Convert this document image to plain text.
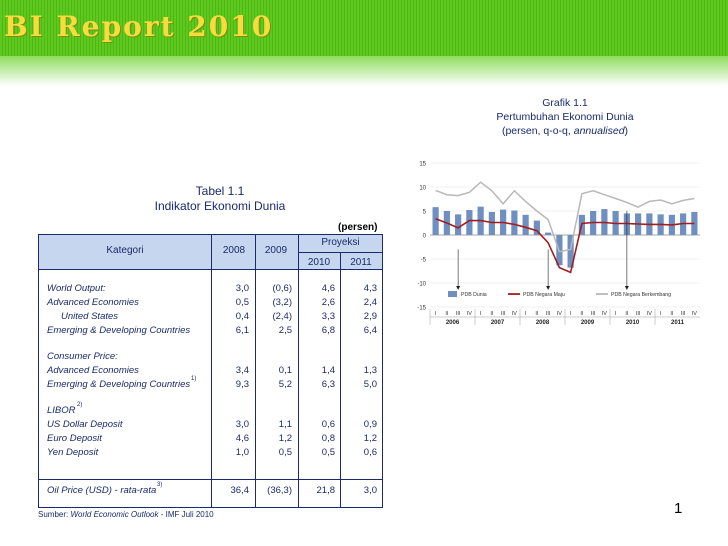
BI Report 2010
Tabel 1.1
Indikator Ekonomi Dunia
(persen)
Kategori	2008	2009
Proyeksi
2010	2011
World Output:	3,0	(0,6)	4,6	4,3
Advanced Economies	0,5	(3,2)	2,6	2,4
United States	0,4	(2,4)	3,3	2,9
Emerging & Developing Countries	6,1	2,5	6,8	6,4
Consumer Price:
Advanced Economies	3,4	0,1	1,4	1,3
Emerging & Developing Countries 1)	9,3	5,2	6,3	5,0
LIBOR 2)
US Dollar Deposit	3,0	1,1	0,6	0,9
Euro Deposit	4,6	1,2	0,8	1,2
Yen Deposit	1,0	0,5	0,5	0,6
Oil Price (USD) - rata-rata 3)	36,4	(36,3)	21,8	3,0
Sumber: World Economic Outlook - IMF Juli 2010
Grafik 1.1
Pertumbuhan Ekonomi Dunia
(persen, q-o-q, annualised)
15
10
5
0
-5
-10
-15
PDB Dunia	PDB Negara Maju	PDB Negara Berkembang
I II III IV I II III IV I II III IV I II III IV I II III IV I II III IV
2006	2007	2008	2009	2010	2011
1
